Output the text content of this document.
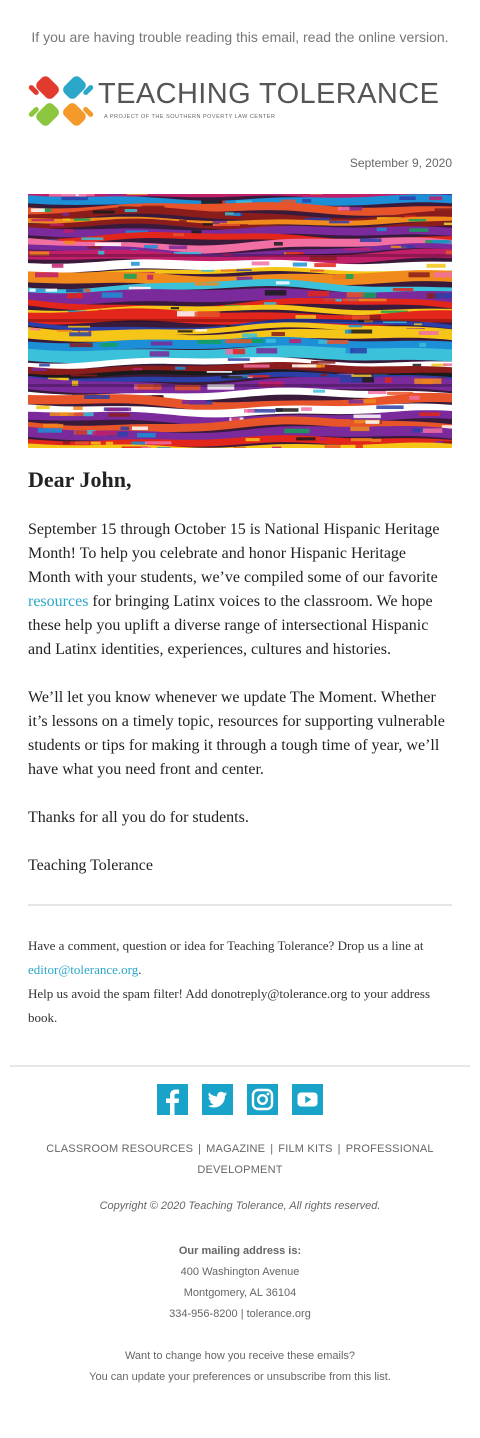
If you are having trouble reading this email, read the online version.
TEACHING TOLERANCE
A PROJECT OF THE SOUTHERN POVERTY LAW CENTER
September 9, 2020
Dear John,

September 15 through October 15 is National Hispanic Heritage Month! To help you celebrate and honor Hispanic Heritage Month with your students, we’ve compiled some of our favorite resources for bringing Latinx voices to the classroom. We hope these help you uplift a diverse range of intersectional Hispanic and Latinx identities, experiences, cultures and histories.

We’ll let you know whenever we update The Moment. Whether it’s lessons on a timely topic, resources for supporting vulnerable students or tips for making it through a tough time of year, we’ll have what you need front and center.

Thanks for all you do for students.

Teaching Tolerance

Have a comment, question or idea for Teaching Tolerance? Drop us a line at editor@tolerance.org.
Help us avoid the spam filter! Add donotreply@tolerance.org to your address book.

CLASSROOM RESOURCES | MAGAZINE | FILM KITS | PROFESSIONAL DEVELOPMENT
Copyright © 2020 Teaching Tolerance, All rights reserved.
Our mailing address is:
400 Washington Avenue
Montgomery, AL 36104
334-956-8200 | tolerance.org
Want to change how you receive these emails?
You can update your preferences or unsubscribe from this list.
